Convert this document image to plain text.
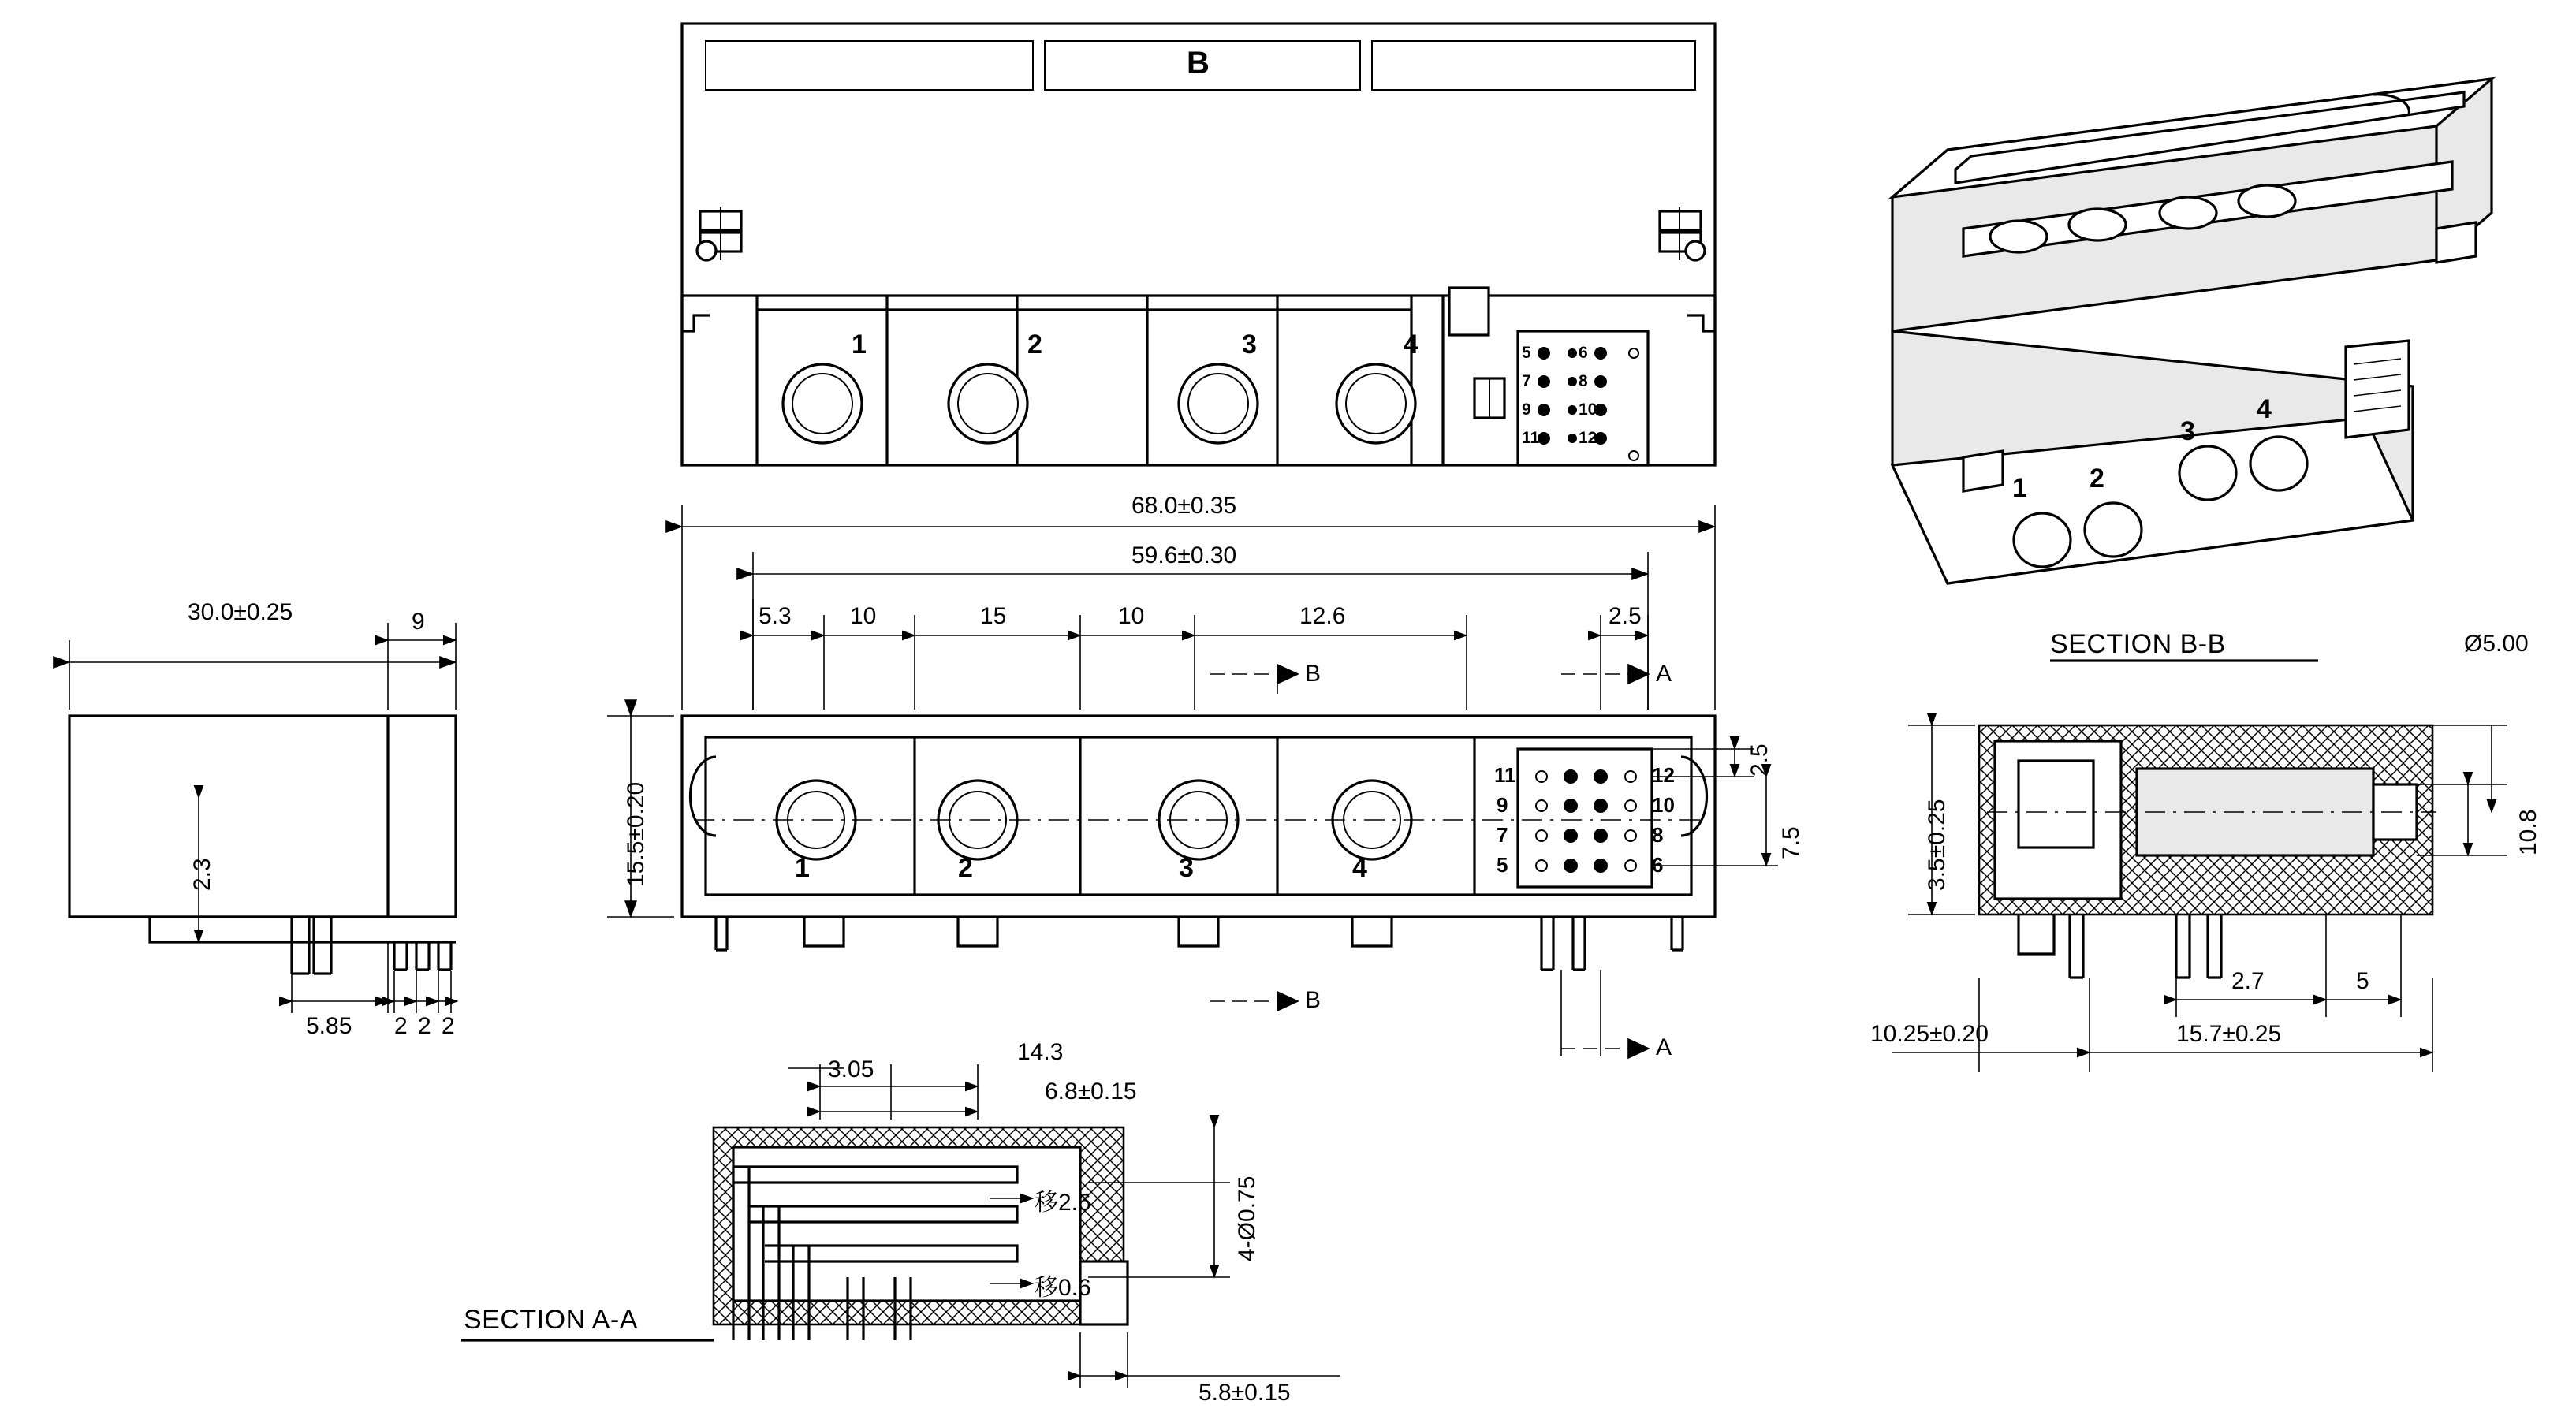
B
1	2	3	4	5	6
7	8
9	10
11 12
30.0±0.25	9
2.3
5.85 2 2 2
68.0±0.35
59.6±0.30
5.3 10	15	10	12.6	2.5
15.5±0.20
2.5
7.5
B
B
A
A
1	2	3	4
11
9
7
5
12
10
8
6
SECTION A-A
3.05
14.3
6.8±0.15
4-Ø0.75
移2.6
移0.6
5.8±0.15
SECTION B-B	Ø5.00
10.8
3.5±0.25
2.7	5
10.25±0.20	15.7±0.25
1 2
3
4
